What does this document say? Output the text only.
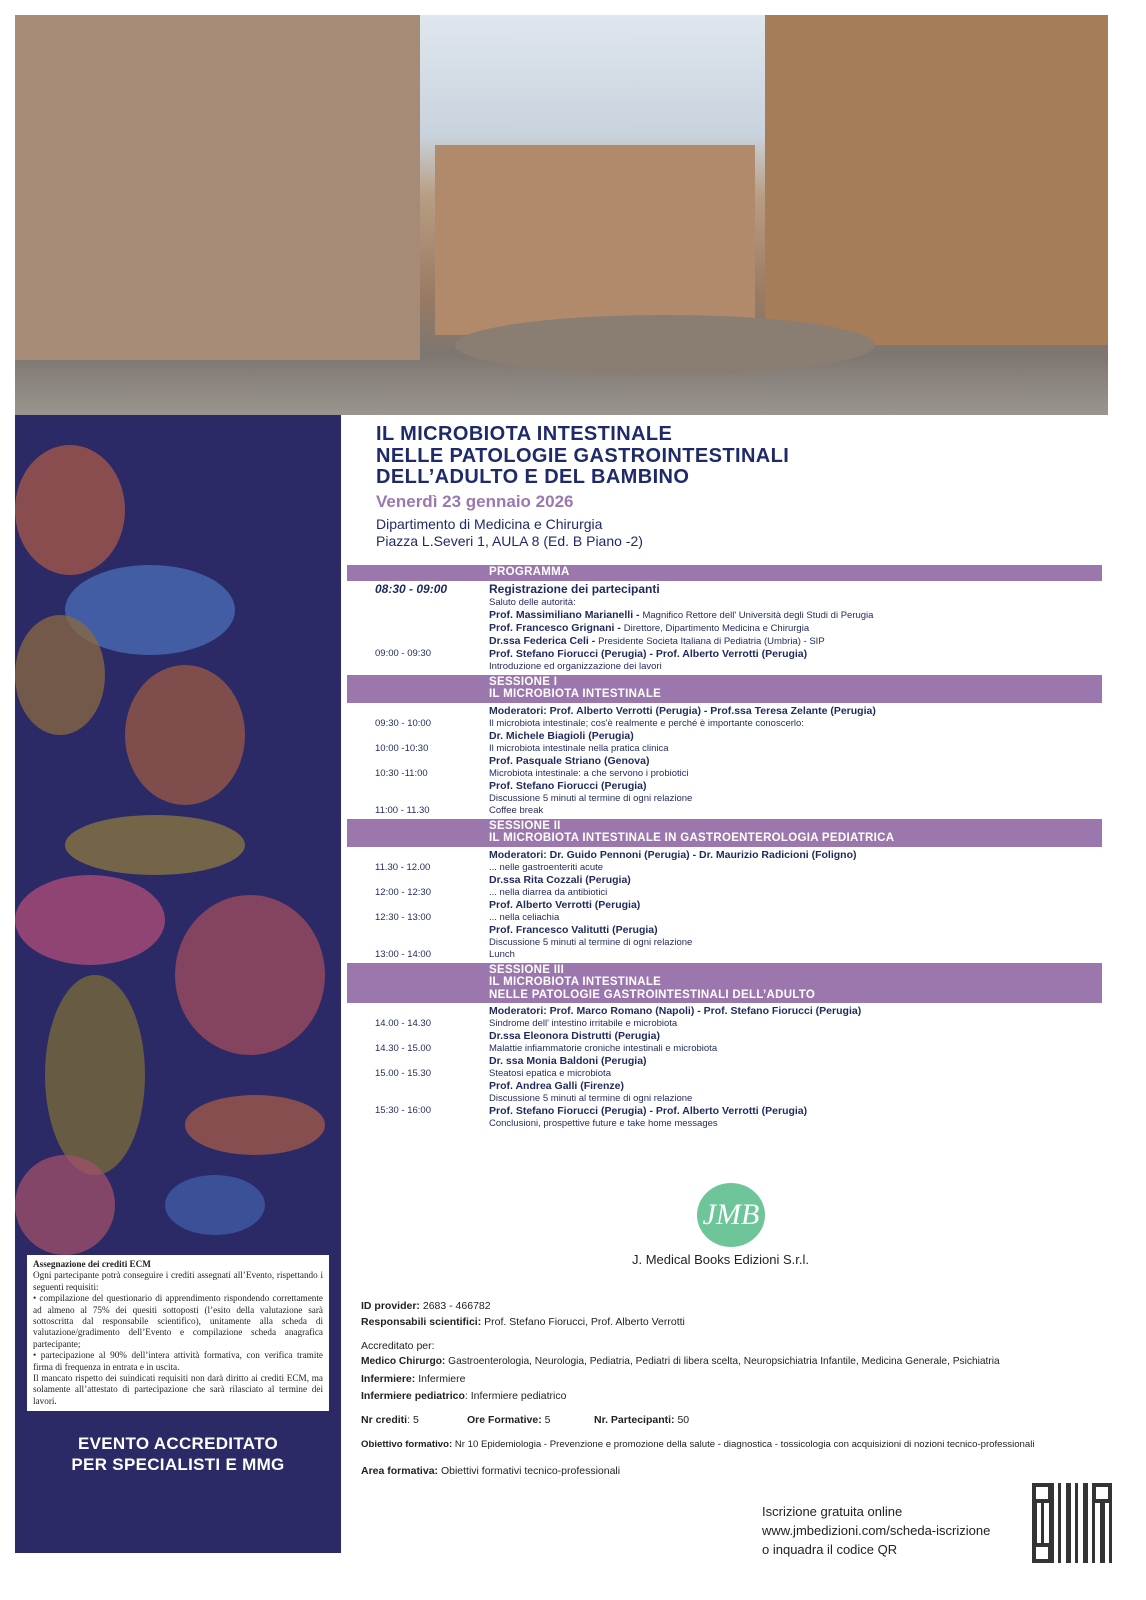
Assegnazione dei crediti ECM
Ogni partecipante potrà conseguire i crediti assegnati all’Evento, rispettando i seguenti requisiti:
• compilazione del questionario di apprendimento rispondendo correttamente ad almeno al 75% dei quesiti sottoposti (l’esito della valutazione sarà sottoscritta dal responsabile scientifico), unitamente alla scheda di valutazione/gradimento dell’Evento e compilazione scheda anagrafica partecipante;
• partecipazione al 90% dell’intera attività formativa, con verifica tramite firma di frequenza in entrata e in uscita.
Il mancato rispetto dei suindicati requisiti non darà diritto ai crediti ECM, ma solamente all’attestato di partecipazione che sarà rilasciato al termine dei lavori.
EVENTO ACCREDITATO
PER SPECIALISTI E MMG
IL MICROBIOTA INTESTINALE
NELLE PATOLOGIE GASTROINTESTINALI
DELL’ADULTO E DEL BAMBINO
Venerdì 23 gennaio 2026
Dipartimento di Medicina e Chirurgia
Piazza L.Severi 1, AULA 8 (Ed. B Piano -2)
PROGRAMMA
08:30 - 09:00	Registrazione dei partecipanti
Saluto delle autorità:
Prof. Massimiliano Marianelli - Magnifico Rettore dell' Università degli Studi di Perugia
Prof. Francesco Grignani - Direttore, Dipartimento Medicina e Chirurgia
Dr.ssa Federica Celi - Presidente Societa Italiana di Pediatria (Umbria) - SIP
09:00 - 09:30	Prof. Stefano Fiorucci (Perugia) - Prof. Alberto Verrotti (Perugia)
Introduzione ed organizzazione dei lavori
SESSIONE I
IL MICROBIOTA INTESTINALE
Moderatori: Prof. Alberto Verrotti (Perugia) - Prof.ssa Teresa Zelante (Perugia)
09:30 - 10:00	Il microbiota intestinale; cos'è realmente e perché è importante conoscerlo:
Dr. Michele Biagioli (Perugia)
10:00 -10:30	Il microbiota intestinale nella pratica clinica
Prof. Pasquale Striano (Genova)
10:30 -11:00	Microbiota intestinale: a che servono i probiotici
Prof. Stefano Fiorucci (Perugia)
Discussione 5 minuti al termine di ogni relazione
11:00 - 11.30	Coffee break
SESSIONE II
IL MICROBIOTA INTESTINALE IN GASTROENTEROLOGIA PEDIATRICA
Moderatori: Dr. Guido Pennoni (Perugia) - Dr. Maurizio Radicioni (Foligno)
11.30 - 12.00	... nelle gastroenteriti acute
Dr.ssa Rita Cozzali (Perugia)
12:00 - 12:30	... nella diarrea da antibiotici
Prof. Alberto Verrotti (Perugia)
12:30 - 13:00	... nella celiachia
Prof. Francesco Valitutti (Perugia)
Discussione 5 minuti al termine di ogni relazione
13:00 - 14:00	Lunch
SESSIONE III
IL MICROBIOTA INTESTINALE
NELLE PATOLOGIE GASTROINTESTINALI DELL’ADULTO
Moderatori: Prof. Marco Romano (Napoli) - Prof. Stefano Fiorucci (Perugia)
14.00 - 14.30	Sindrome dell' intestino irritabile e microbiota
Dr.ssa Eleonora Distrutti (Perugia)
14.30 - 15.00	Malattie infiammatorie croniche intestinali e microbiota
Dr. ssa Monia Baldoni (Perugia)
15.00 - 15.30	Steatosi epatica e microbiota
Prof. Andrea Galli (Firenze)
Discussione 5 minuti al termine di ogni relazione
15:30 - 16:00	Prof. Stefano Fiorucci (Perugia) - Prof. Alberto Verrotti (Perugia)
Conclusioni, prospettive future e take home messages
JMB
J. Medical Books Edizioni S.r.l.
ID provider: 2683 - 466782
Responsabili scientifici: Prof. Stefano Fiorucci, Prof. Alberto Verrotti
Accreditato per:
Medico Chirurgo: Gastroenterologia, Neurologia, Pediatria, Pediatri di libera scelta, Neuropsichiatria Infantile, Medicina Generale, Psichiatria
Infermiere: Infermiere
Infermiere pediatrico: Infermiere pediatrico
Nr crediti: 5	Ore Formative: 5	Nr. Partecipanti: 50
Obiettivo formativo: Nr 10 Epidemiologia - Prevenzione e promozione della salute - diagnostica - tossicologia con acquisizioni di nozioni tecnico-professionali
Area formativa: Obiettivi formativi tecnico-professionali
Iscrizione gratuita online
www.jmbedizioni.com/scheda-iscrizione
o inquadra il codice QR
